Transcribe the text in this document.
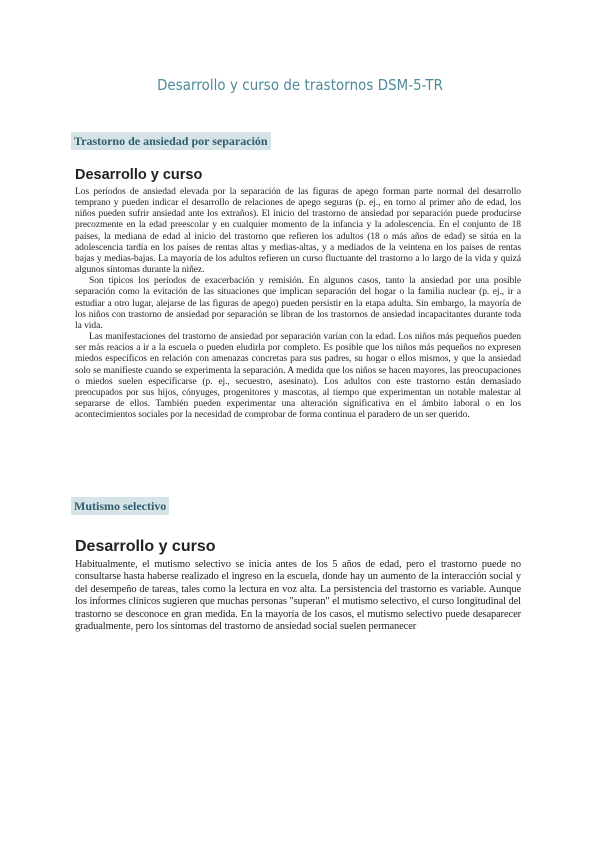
Desarrollo y curso de trastornos DSM-5-TR
Trastorno de ansiedad por separación
Desarrollo y curso

Los períodos de ansiedad elevada por la separación de las figuras de apego forman parte normal del desarrollo temprano y pueden indicar el desarrollo de relaciones de apego seguras (p. ej., en torno al primer año de edad, los niños pueden sufrir ansiedad ante los extraños). El inicio del trastorno de ansiedad por separación puede producirse precozmente en la edad preescolar y en cualquier momento de la infancia y la adolescencia. En el conjunto de 18 países, la mediana de edad al inicio del trastorno que refieren los adultos (18 o más años de edad) se sitúa en la adolescencia tardía en los países de rentas altas y medias-altas, y a mediados de la veintena en los países de rentas bajas y medias-bajas. La mayoría de los adultos refieren un curso fluctuante del trastorno a lo largo de la vida y quizá algunos síntomas durante la niñez.

Son típicos los períodos de exacerbación y remisión. En algunos casos, tanto la ansiedad por una posible separación como la evitación de las situaciones que implican separación del hogar o la familia nuclear (p. ej., ir a estudiar a otro lugar, alejarse de las figuras de apego) pueden persistir en la etapa adulta. Sin embargo, la mayoría de los niños con trastorno de ansiedad por separación se libran de los trastornos de ansiedad incapacitantes durante toda la vida.

Las manifestaciones del trastorno de ansiedad por separación varían con la edad. Los niños más pequeños pueden ser más reacios a ir a la escuela o pueden eludirla por completo. Es posible que los niños más pequeños no expresen miedos específicos en relación con amenazas concretas para sus padres, su hogar o ellos mismos, y que la ansiedad solo se manifieste cuando se experimenta la separación. A medida que los niños se hacen mayores, las preocupaciones o miedos suelen especificarse (p. ej., secuestro, asesinato). Los adultos con este trastorno están demasiado preocupados por sus hijos, cónyuges, progenitores y mascotas, al tiempo que experimentan un notable malestar al separarse de ellos. También pueden experimentar una alteración significativa en el ámbito laboral o en los acontecimientos sociales por la necesidad de comprobar de forma continua el paradero de un ser querido.

Mutismo selectivo
Desarrollo y curso

Habitualmente, el mutismo selectivo se inicia antes de los 5 años de edad, pero el trastorno puede no consultarse hasta haberse realizado el ingreso en la escuela, donde hay un aumento de la interacción social y del desempeño de tareas, tales como la lectura en voz alta. La persistencia del trastorno es variable. Aunque los informes clínicos sugieren que muchas personas "superan" el mutismo selectivo, el curso longitudinal del trastorno se desconoce en gran medida. En la mayoría de los casos, el mutismo selectivo puede desaparecer gradualmente, pero los síntomas del trastorno de ansiedad social suelen permanecer
